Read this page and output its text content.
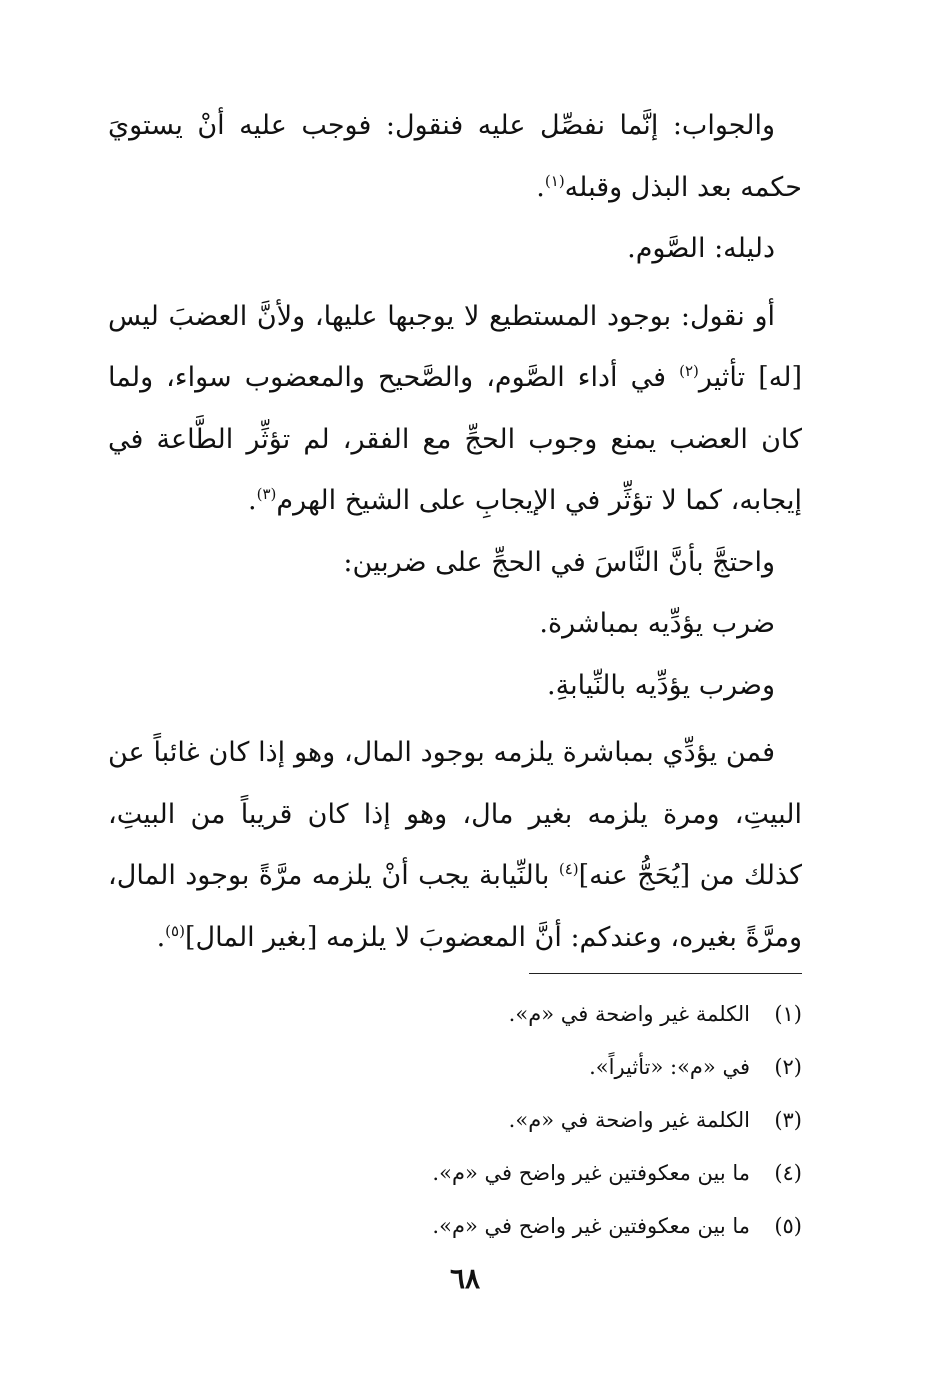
والجواب: إنَّما نفصِّل عليه فنقول: فوجب عليه أنْ يستويَ حكمه بعد البذل وقبله$^{(١)}$.

دليله: الصَّوم.

أو نقول: بوجود المستطيع لا يوجبها عليها، ولأنَّ العضبَ ليس [له] تأثير$^{(٢)}$ في أداء الصَّوم، والصَّحيح والمعضوب سواء، ولما كان العضب يمنع وجوب الحجِّ مع الفقر، لم تؤثِّر الطَّاعة في إيجابه، كما لا تؤثِّر في الإيجابِ على الشيخ الهرم$^{(٣)}$.

واحتجَّ بأنَّ النَّاسَ في الحجِّ على ضربين:

ضرب يؤدِّيه بمباشرة.

وضرب يؤدِّيه بالنِّيابةِ.

فمن يؤدِّي بمباشرة يلزمه بوجود المال، وهو إذا كان غائباً عن البيتِ، ومرة يلزمه بغير مال، وهو إذا كان قريباً من البيتِ، كذلك من [يُحَجُّ عنه]$^{(٤)}$ بالنِّيابة يجب أنْ يلزمه مرَّةً بوجود المال، ومرَّةً بغيره، وعندكم: أنَّ المعضوبَ لا يلزمه [بغير المال]$^{(٥)}$.

(١)الكلمة غير واضحة في «م».
(٢)في «م»: «تأثيراً».
(٣)الكلمة غير واضحة في «م».
(٤)ما بين معكوفتين غير واضح في «م».
(٥)ما بين معكوفتين غير واضح في «م».
٦٨
